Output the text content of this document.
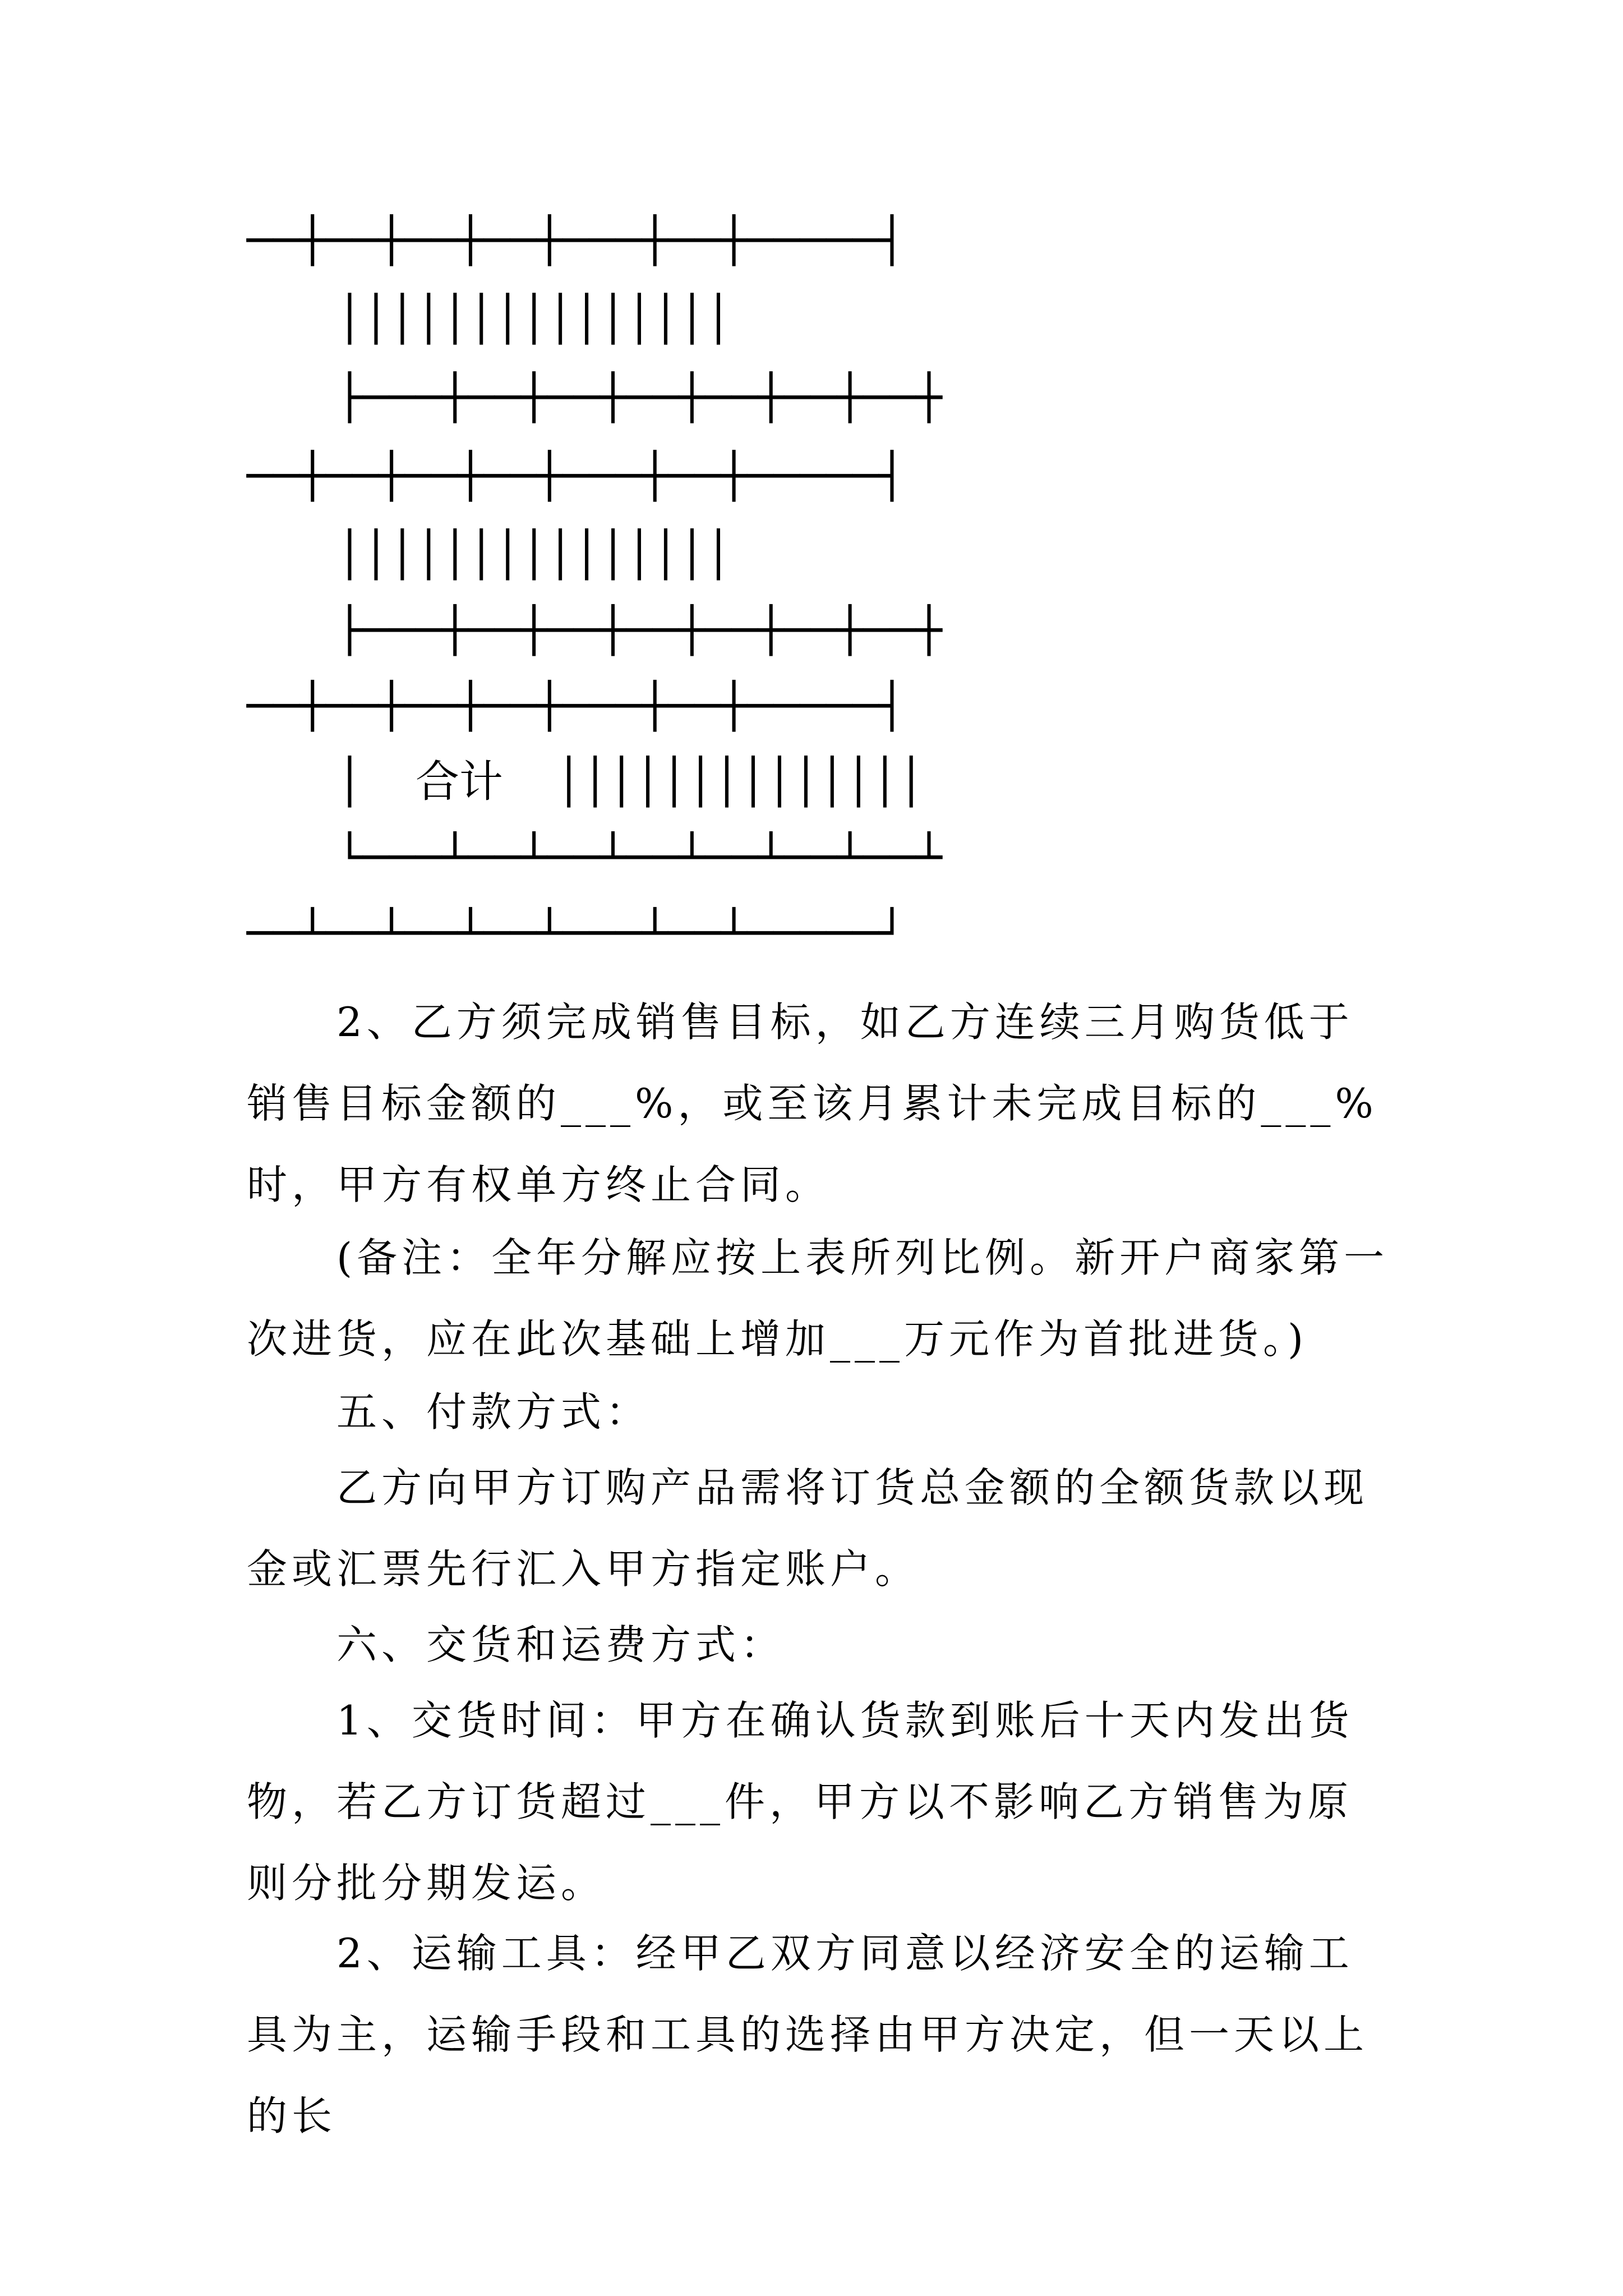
──┼──┼──┼──┼───┼──┼─────┤
│││││││││││││││
├───┼──┼──┼──┼──┼──┼──┼
──┼──┼──┼──┼───┼──┼─────┤
│││││││││││││││
├───┼──┼──┼──┼──┼──┼──┼
──┼──┼──┼──┼───┼──┼─────┤
│  合计  ││││││││││││││
└───┴──┴──┴──┴──┴──┴──┴
──┴──┴──┴──┴───┴──┴─────┘

2、乙方须完成销售目标，如乙方连续三月购货低于销售目标金额的___%，或至该月累计未完成目标的___%时，甲方有权单方终止合同。

(备注：全年分解应按上表所列比例。新开户商家第一次进货，应在此次基础上增加___万元作为首批进货。)

五、付款方式：

乙方向甲方订购产品需将订货总金额的全额货款以现金或汇票先行汇入甲方指定账户。

六、交货和运费方式：

1、交货时间：甲方在确认货款到账后十天内发出货物，若乙方订货超过___件，甲方以不影响乙方销售为原则分批分期发运。

2、运输工具：经甲乙双方同意以经济安全的运输工具为主，运输手段和工具的选择由甲方决定，但一天以上的长
